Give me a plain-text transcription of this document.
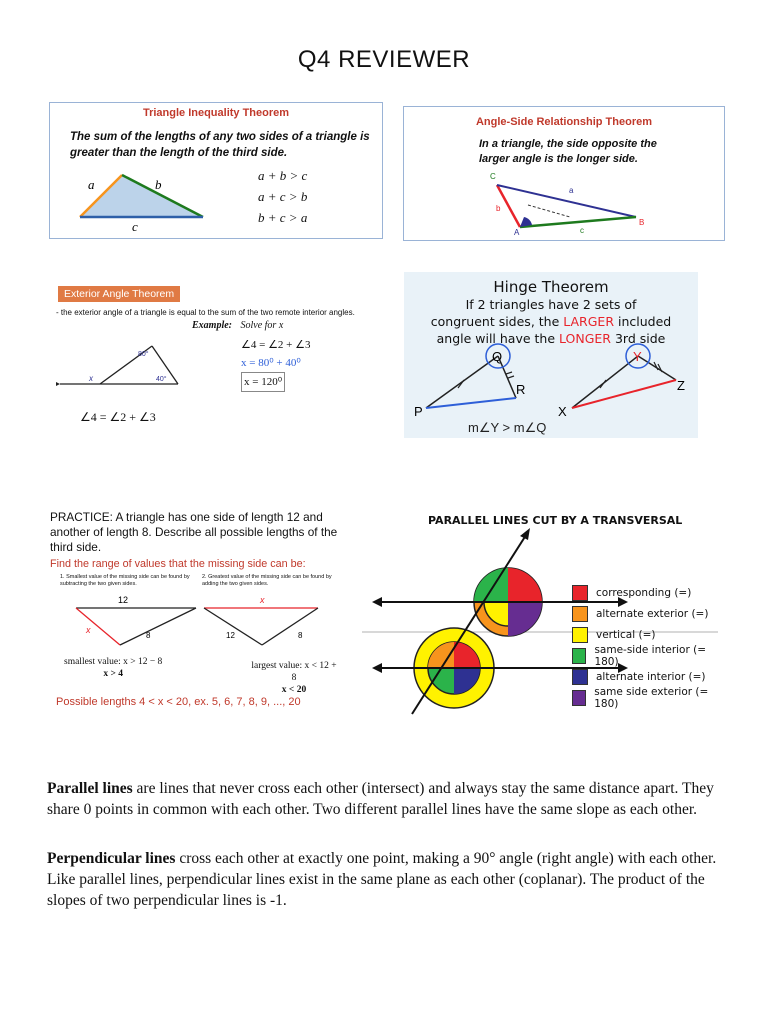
Q4 REVIEWER
Triangle Inequality Theorem
The sum of the lengths of any two sides of a triangle is greater than the length of the third side.
a	b
c
a + b > c
a + c > b
b + c > a
Angle-Side Relationship Theorem
In a triangle, the side opposite the larger angle is the longer side.
C
A
B
a
b
c
Exterior Angle Theorem
- the exterior angle of a triangle is equal to the sum of the two remote interior angles.
Example: Solve for x
80°
40°
x
∠4 = ∠2 + ∠3
x = 80⁰ + 40⁰
x = 120⁰
∠4 = ∠2 + ∠3
Hinge Theorem
If 2 triangles have 2 sets of
congruent sides, the LARGER included
angle will have the LONGER 3rd side
Q
P
R
Y
X
Z
m∠Y > m∠Q
PRACTICE: A triangle has one side of length 12 and another of length 8. Describe all possible lengths of the third side.
Find the range of values that the missing side can be:
1. Smallest value of the missing side can be found by subtracting the two given sides.
2. Greatest value of the missing side can be found by adding the two given sides.
12
x
8	12
x
8
smallest value: x > 12 − 8
x > 4
largest value: x < 12 + 8
x < 20
Possible lengths 4 < x < 20, ex. 5, 6, 7, 8, 9, ..., 20
PARALLEL LINES CUT BY A TRANSVERSAL
corresponding (=)
alternate exterior (=)
vertical (=)
same-side interior (= 180)
alternate interior (=)
same side exterior (= 180)
Parallel lines are lines that never cross each other (intersect) and always stay the same distance apart. They share 0 points in common with each other. Two different parallel lines have the same slope as each other.
Perpendicular lines cross each other at exactly one point, making a 90° angle (right angle) with each other. Like parallel lines, perpendicular lines exist in the same plane as each other (coplanar). The product of the slopes of two perpendicular lines is -1.
